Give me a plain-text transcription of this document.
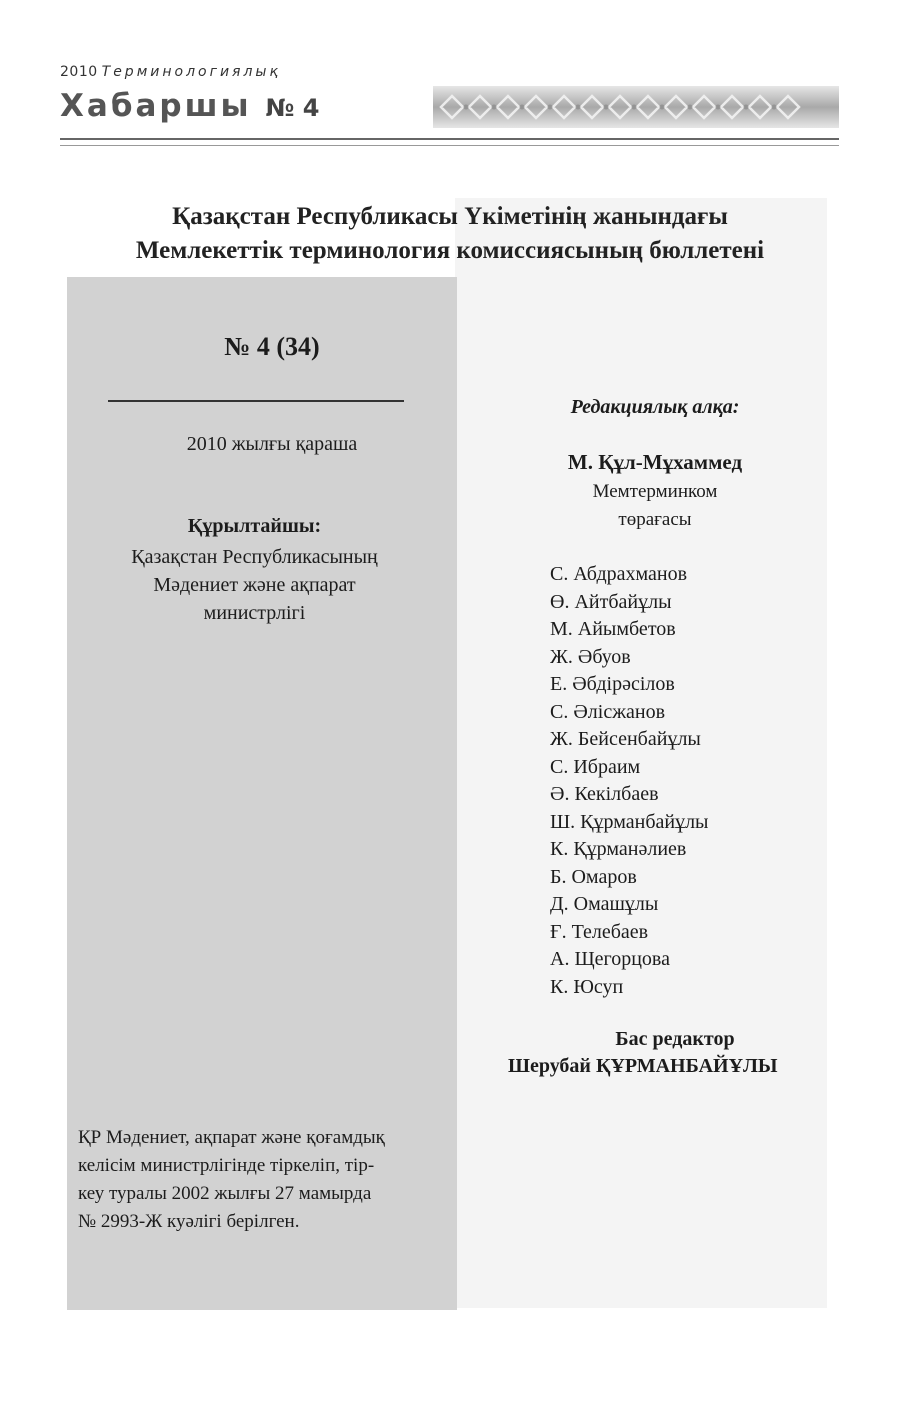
2010 Терминологиялық
Хабаршы № 4
Қазақстан Республикасы Үкіметінің жанындағы
Мемлекеттік терминология комиссиясының бюллетені
№ 4 (34)
2010 жылғы қараша
Құрылтайшы:
Қазақстан Республикасының
Мәдениет және ақпарат
министрлігі
ҚР Мәдениет, ақпарат және қоғамдық
келісім министрлігінде тіркеліп, тір-
кеу туралы 2002 жылғы 27 мамырда
№ 2993-Ж куәлігі берілген.
Редакциялық алқа:
М. Құл-Мұхаммед
Мемтерминком
төрағасы
С. Абдрахманов
Ө. Айтбайұлы
М. Айымбетов
Ж. Әбуов
Е. Әбдірәсілов
С. Әлісжанов
Ж. Бейсенбайұлы
С. Ибраим
Ә. Кекілбаев
Ш. Құрманбайұлы
К. Құрманәлиев
Б. Омаров
Д. Омашұлы
Ғ. Телебаев
А. Щегорцова
К. Юсуп
Бас редактор
Шерубай ҚҰРМАНБАЙҰЛЫ
